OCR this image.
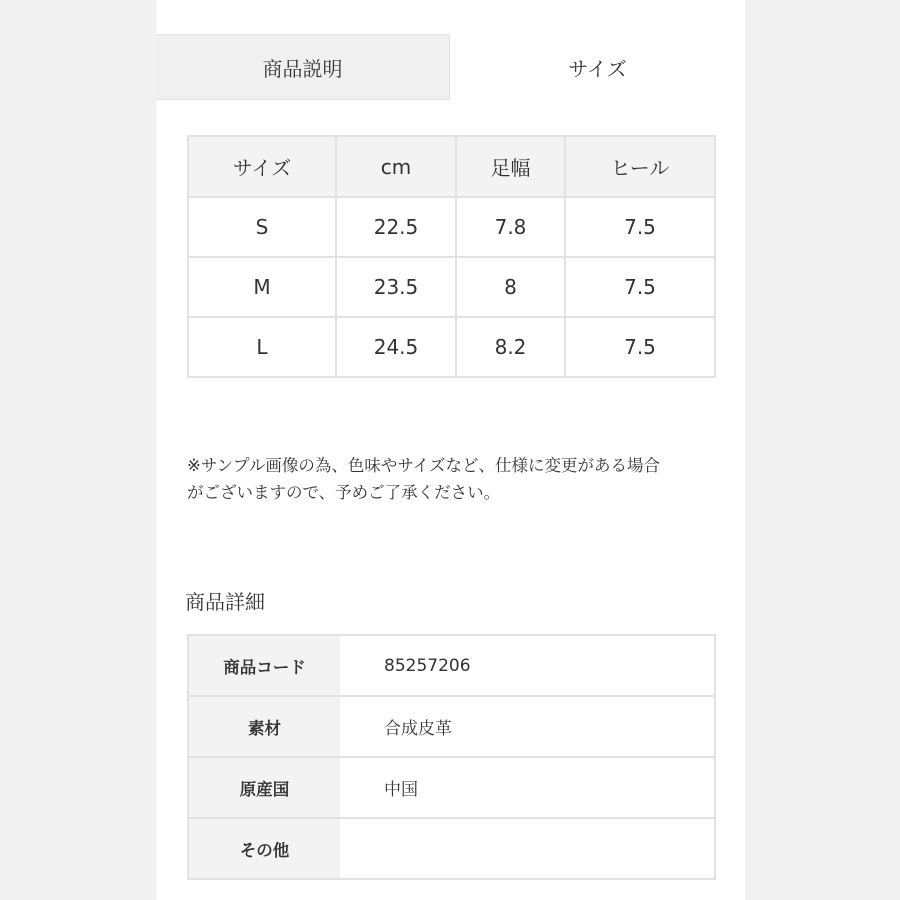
商品説明	サイズ
サイズ	cm	足幅	ヒール
S	22.5	7.8	7.5
M	23.5	8	7.5
L	24.5	8.2	7.5
※サンプル画像の為、色味やサイズなど、仕様に変更がある場合
がございますので、予めご了承ください。
商品詳細
商品コード	85257206
素材	合成皮革
原産国	中国
その他	
